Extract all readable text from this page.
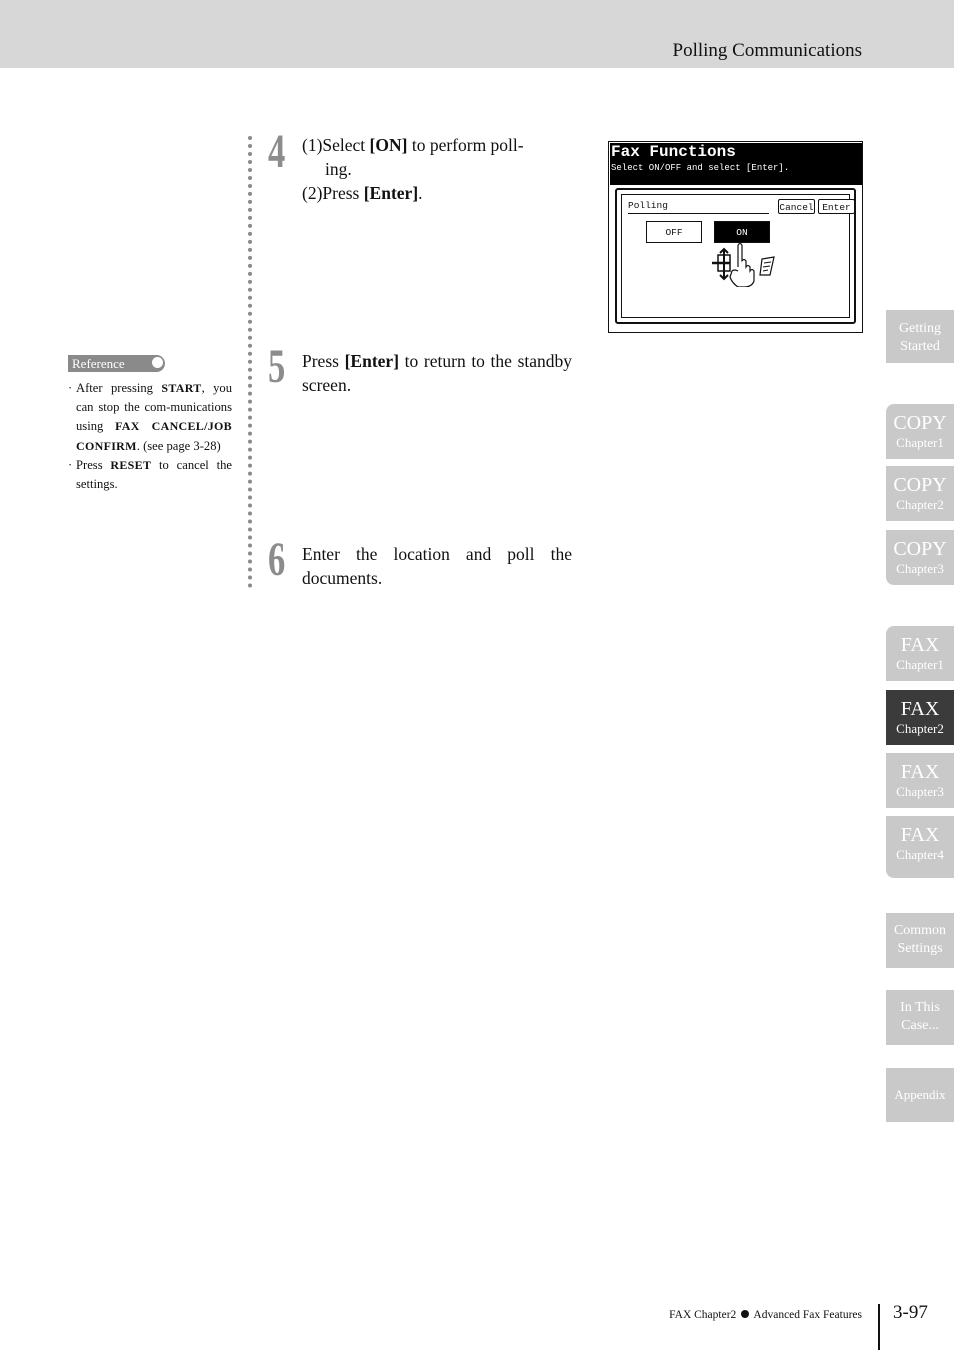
Polling Communications
4 (1)Select [ON] to perform poll-
ing.
(2)Press [Enter].
5 Press [Enter] to return to the standby screen.
6 Enter the location and poll the documents.
Reference
· After pressing START, you can stop the com-munications using FAX CANCEL/JOB CONFIRM. (see page 3-28)
· Press RESET to cancel the settings.
Fax Functions
Select ON/OFF and select [Enter].
Polling	Cancel Enter
OFF	ON
Getting
Started
COPY
Chapter1
COPY
Chapter2
COPY
Chapter3
FAX
Chapter1
FAX
Chapter2
FAX
Chapter3
FAX
Chapter4
Common
Settings
In This
Case...
Appendix
FAX Chapter2 Advanced Fax Features 3-97
